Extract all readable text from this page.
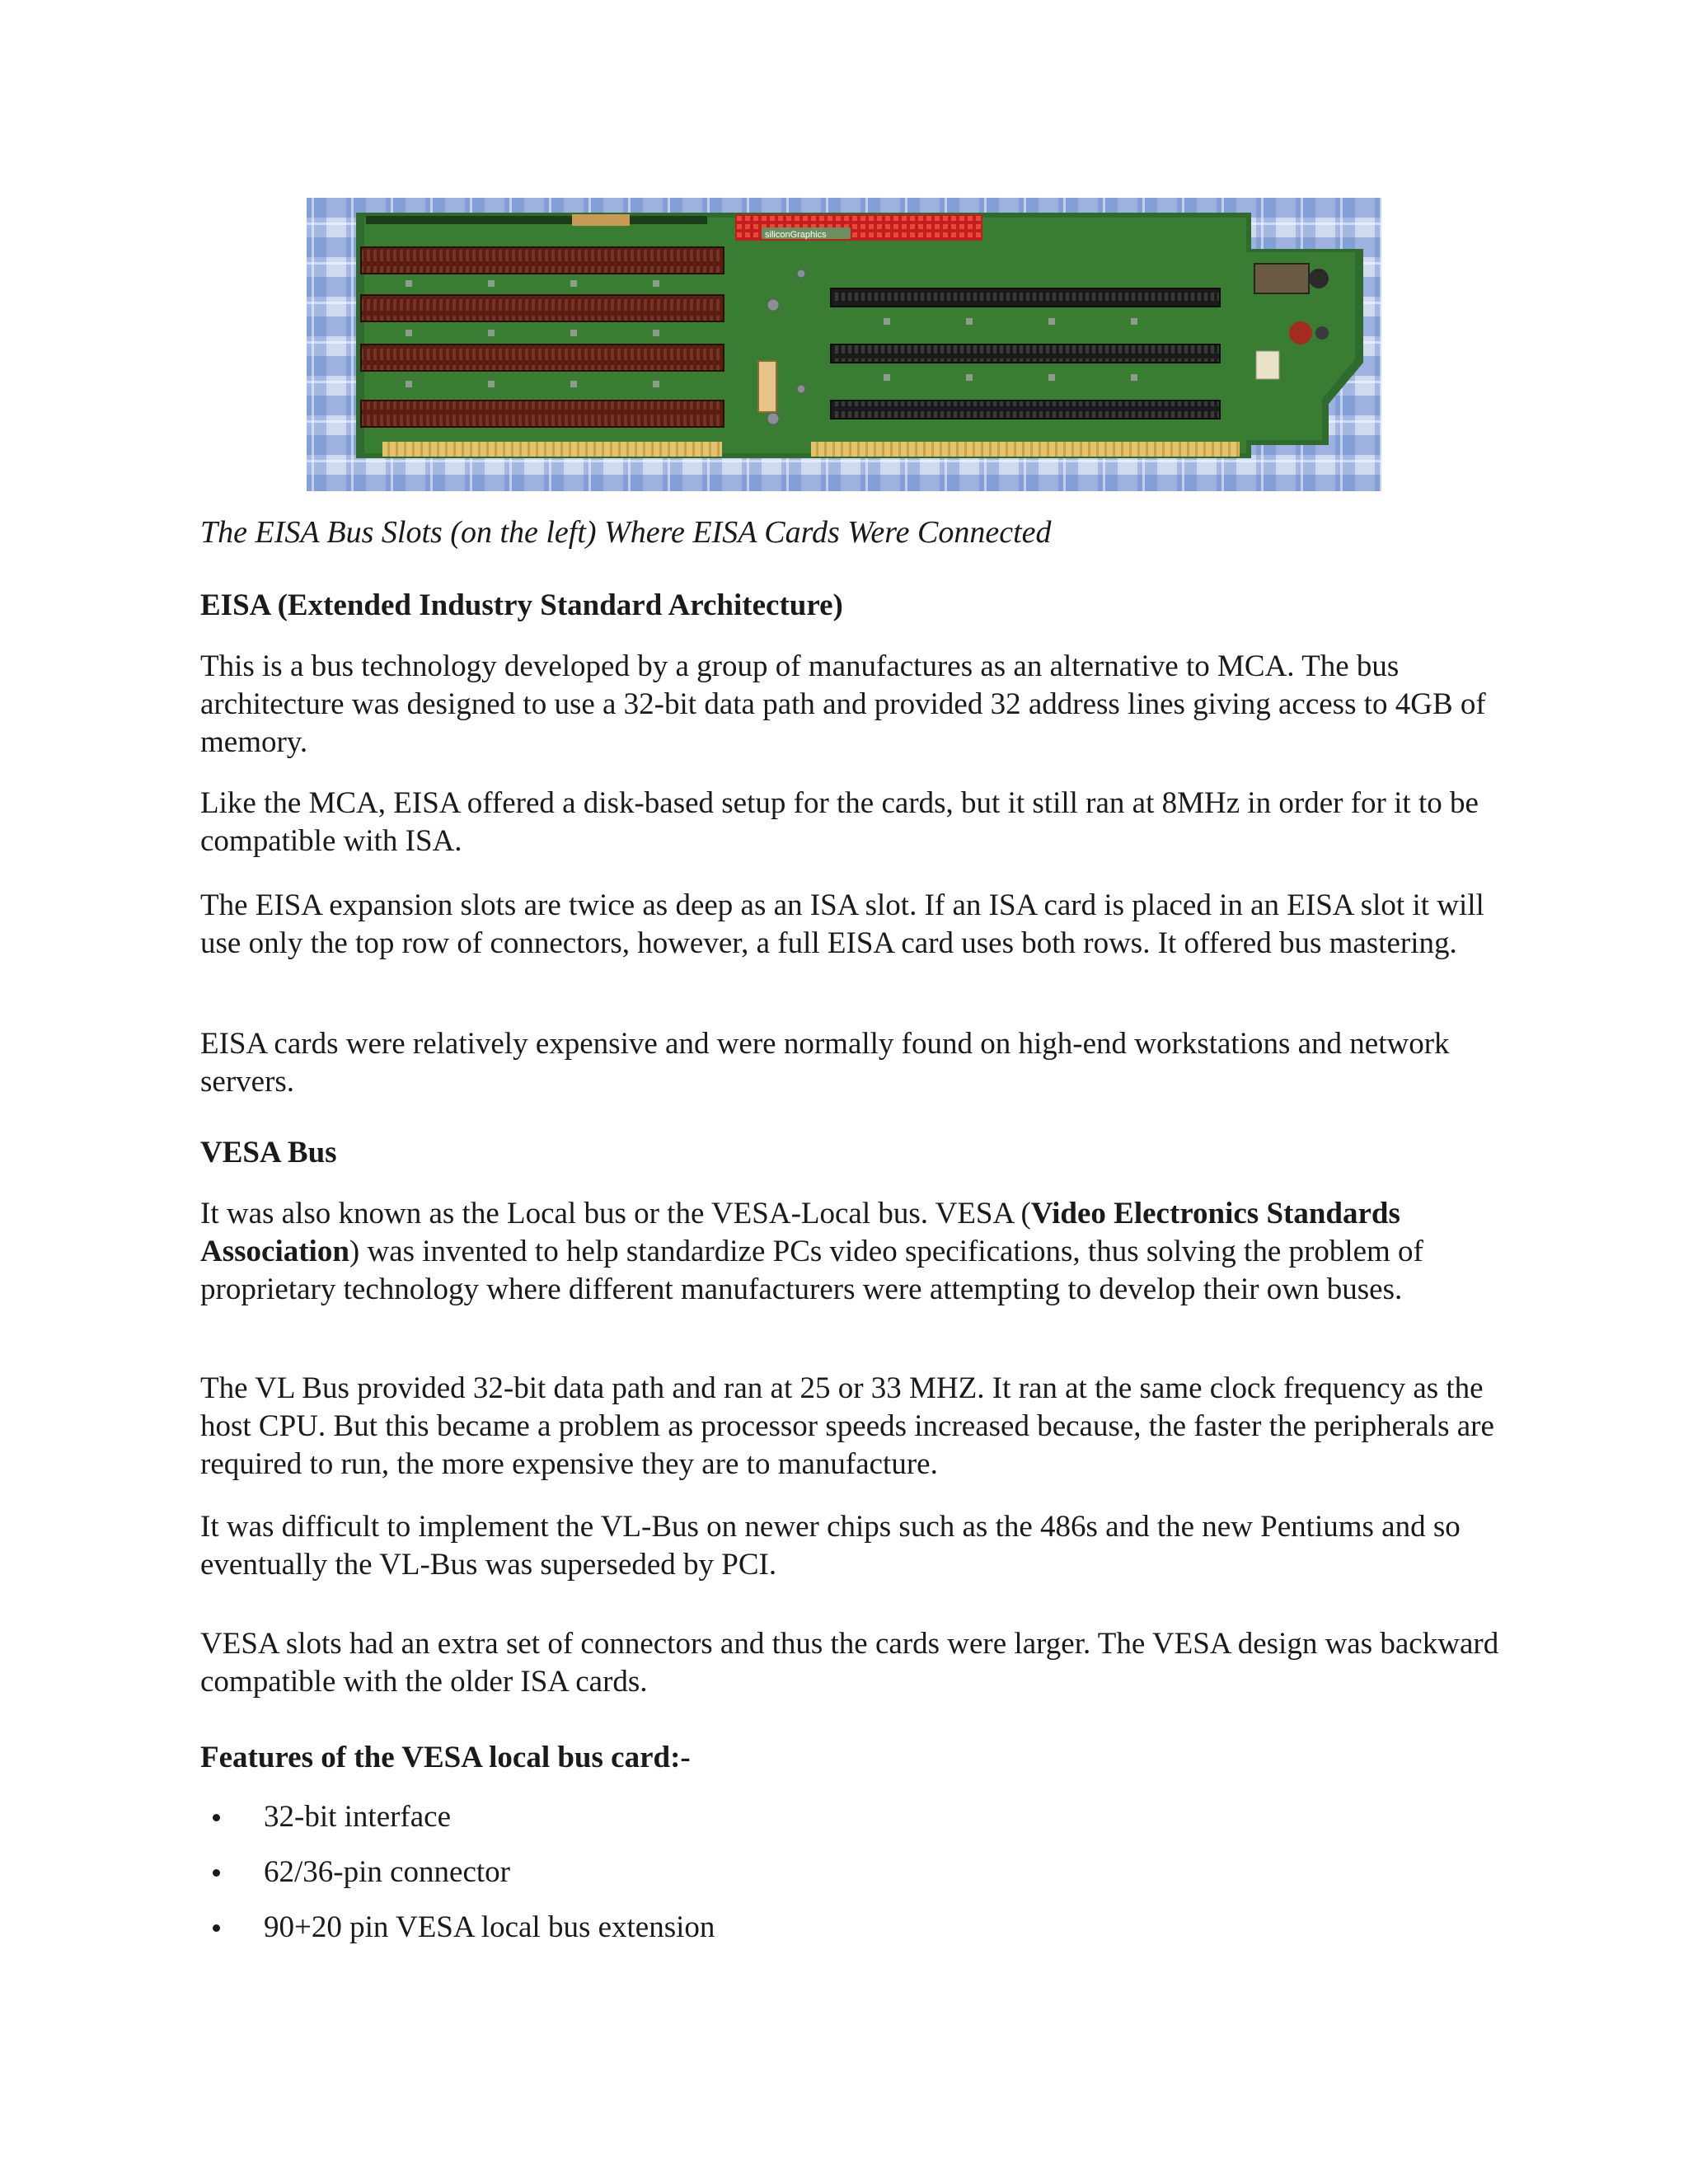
siliconGraphics
The EISA Bus Slots (on the left) Where EISA Cards Were Connected
EISA (Extended Industry Standard Architecture)
This is a bus technology developed by a group of manufactures as an alternative to MCA. The bus architecture was designed to use a 32-bit data path and provided 32 address lines giving access to 4GB of memory.
Like the MCA, EISA offered a disk-based setup for the cards, but it still ran at 8MHz in order for it to be compatible with ISA.
The EISA expansion slots are twice as deep as an ISA slot. If an ISA card is placed in an EISA slot it will use only the top row of connectors, however, a full EISA card uses both rows. It offered bus mastering.
EISA cards were relatively expensive and were normally found on high-end workstations and network servers.
VESA Bus
It was also known as the Local bus or the VESA-Local bus. VESA (Video Electronics Standards Association) was invented to help standardize PCs video specifications, thus solving the problem of proprietary technology where different manufacturers were attempting to develop their own buses.
The VL Bus provided 32-bit data path and ran at 25 or 33 MHZ. It ran at the same clock frequency as the host CPU. But this became a problem as processor speeds increased because, the faster the peripherals are required to run, the more expensive they are to manufacture.
It was difficult to implement the VL-Bus on newer chips such as the 486s and the new Pentiums and so eventually the VL-Bus was superseded by PCI.
VESA slots had an extra set of connectors and thus the cards were larger. The VESA design was backward compatible with the older ISA cards.
Features of the VESA local bus card:-
32-bit interface
62/36-pin connector
90+20 pin VESA local bus extension
